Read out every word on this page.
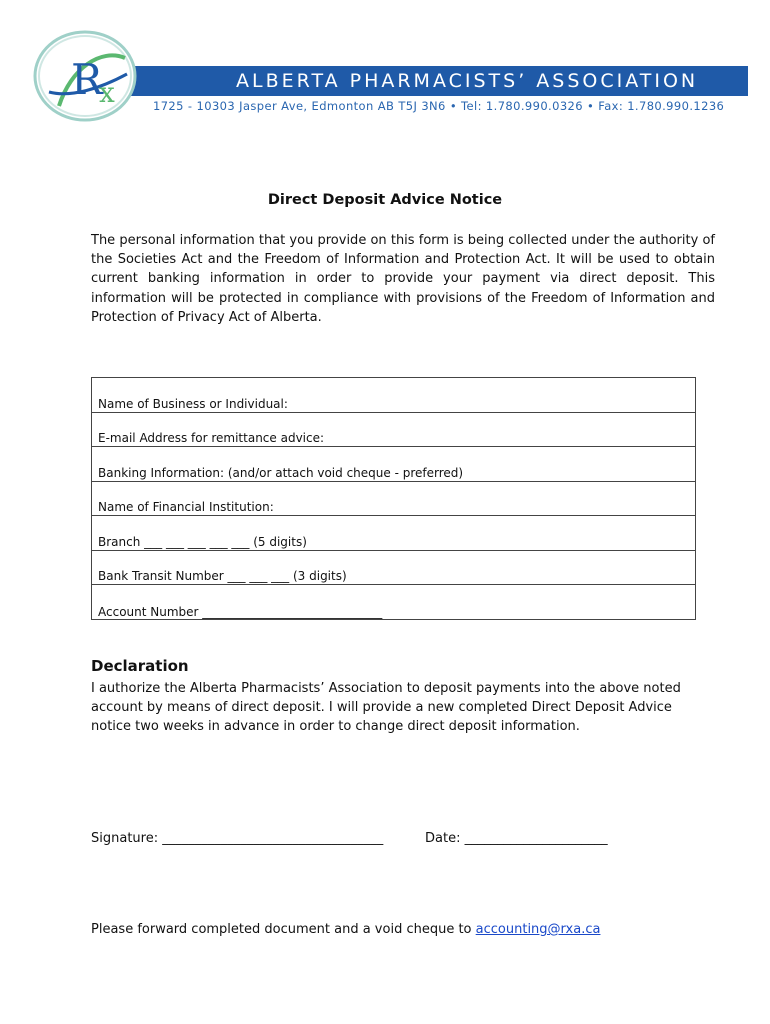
R
x	ALBERTA PHARMACISTS’ ASSOCIATION
1725 - 10303 Jasper Ave, Edmonton AB T5J 3N6 • Tel: 1.780.990.0326 • Fax: 1.780.990.1236
Direct Deposit Advice Notice
The personal information that you provide on this form is being collected under the authority of the Societies Act and the Freedom of Information and Protection Act. It will be used to obtain current banking information in order to provide your payment via direct deposit. This information will be protected in compliance with provisions of the Freedom of Information and Protection of Privacy Act of Alberta.
Name of Business or Individual:
E-mail Address for remittance advice:
Banking Information: (and/or attach void cheque - preferred)
Name of Financial Institution:
Branch ___ ___ ___ ___ ___ (5 digits)
Bank Transit Number ___ ___ ___ (3 digits)
Account Number ______________________________
Declaration
I authorize the Alberta Pharmacists’ Association to deposit payments into the above noted account by means of direct deposit. I will provide a new completed Direct Deposit Advice notice two weeks in advance in order to change direct deposit information.
Signature: __________________________________	Date: ______________________
Please forward completed document and a void cheque to accounting@rxa.ca
